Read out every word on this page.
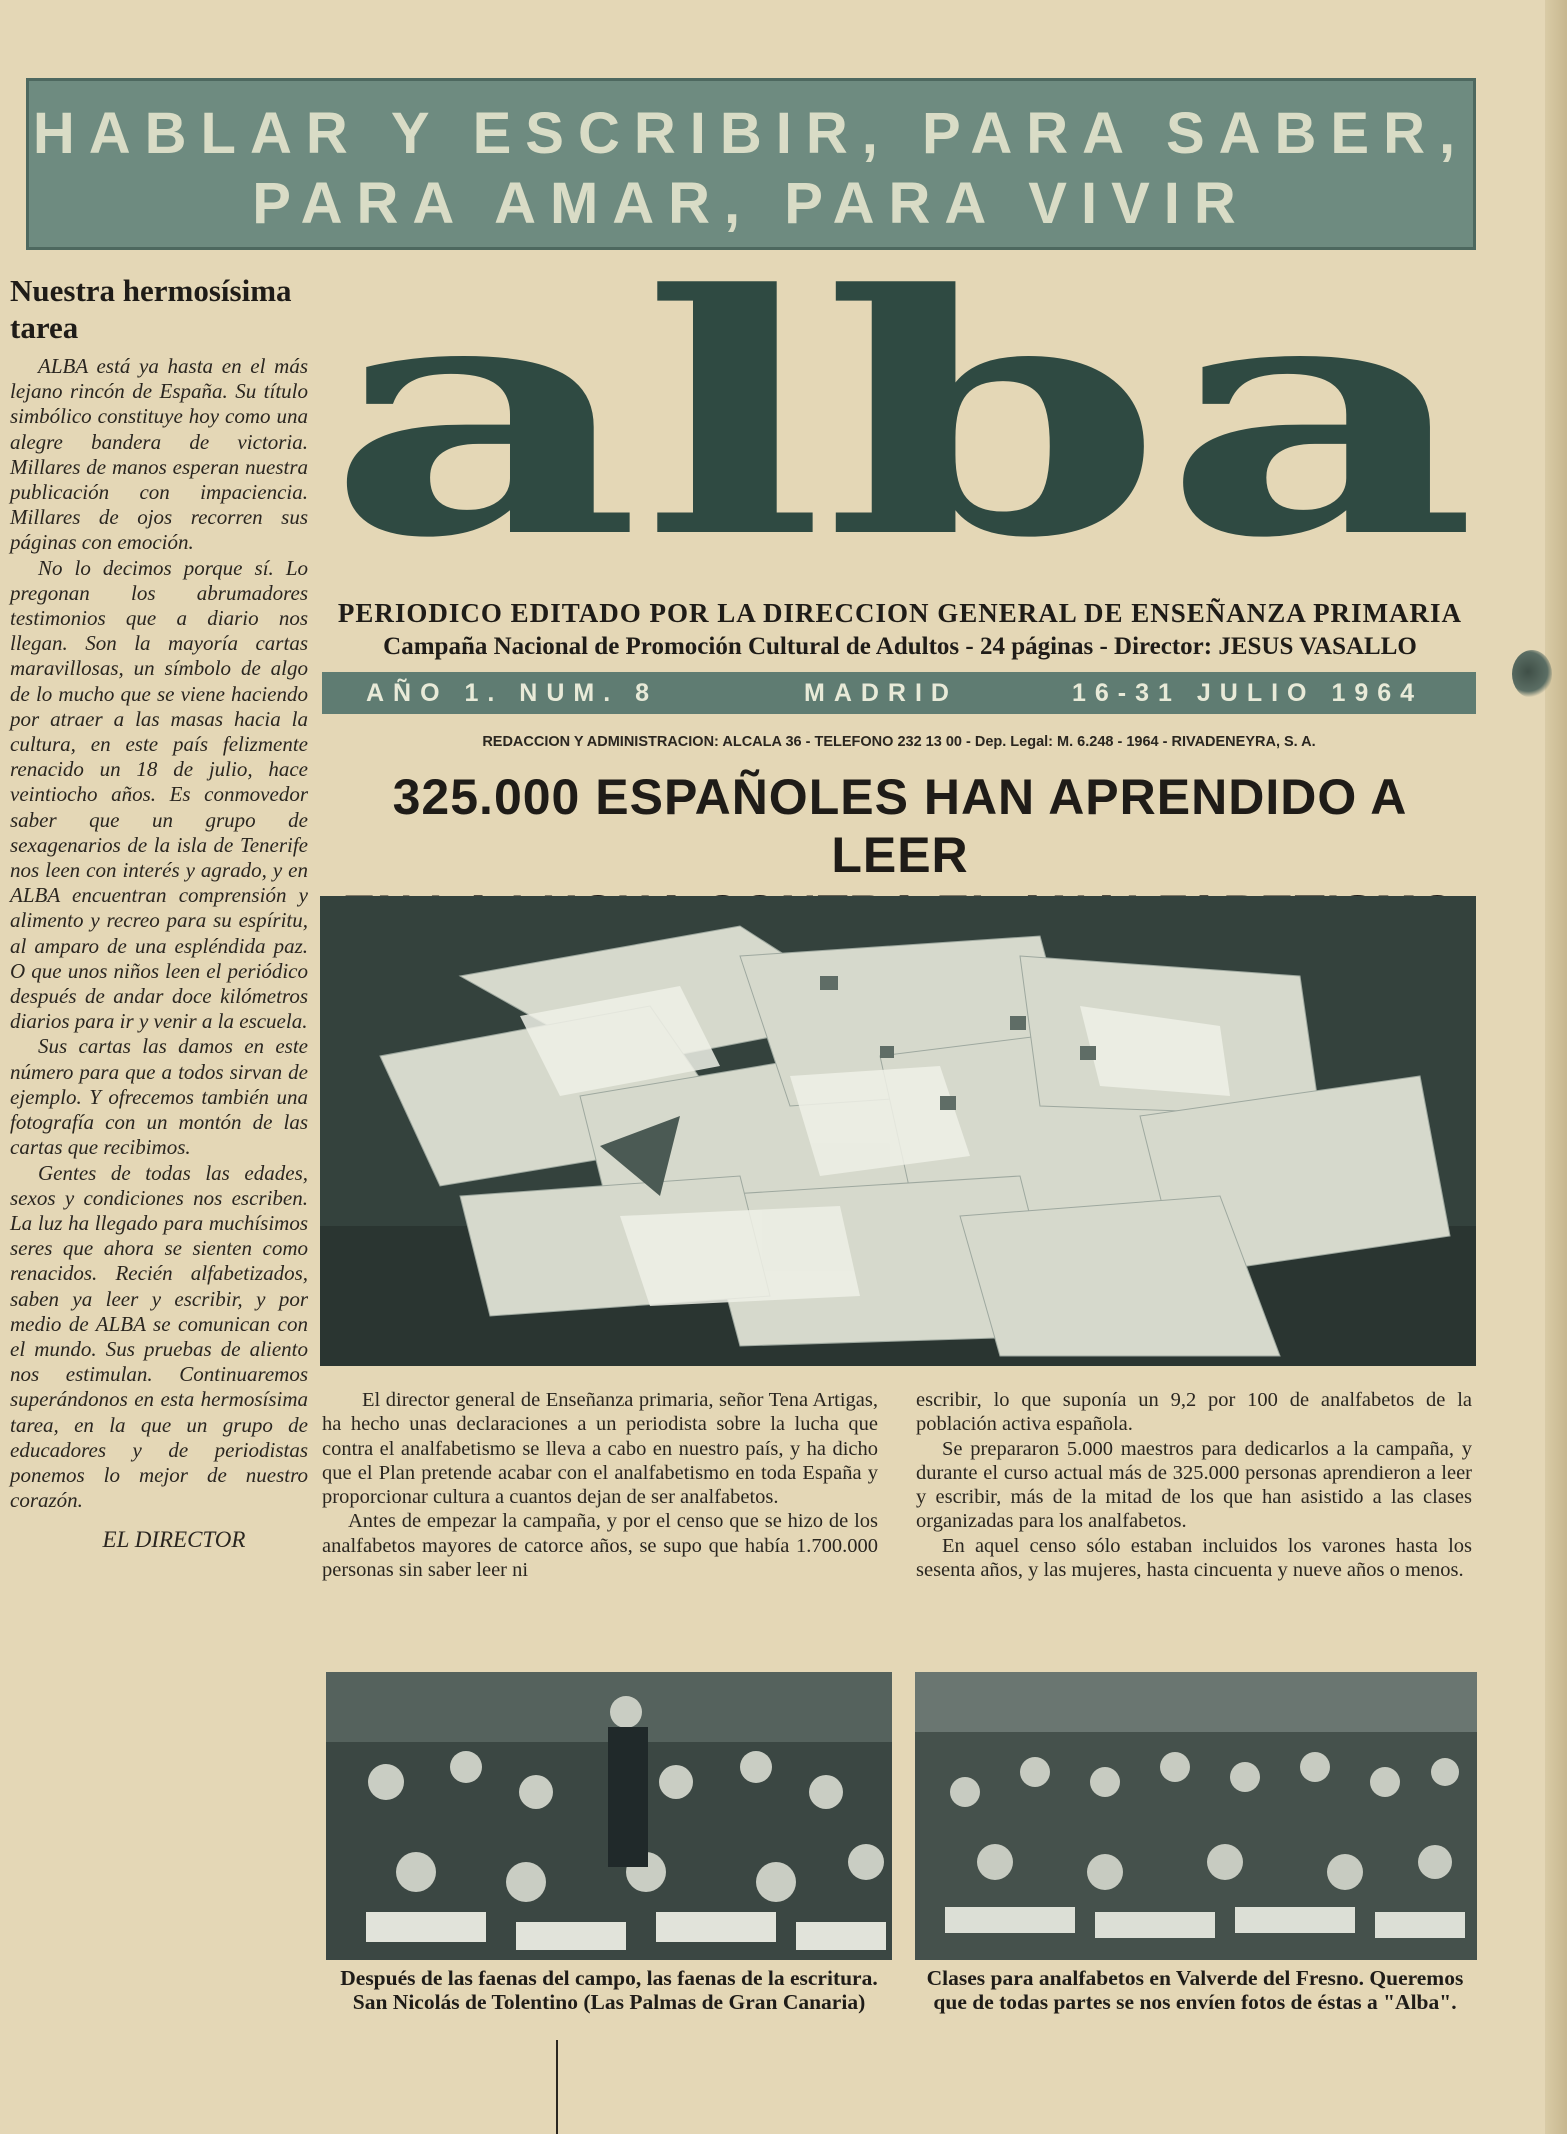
HABLAR Y ESCRIBIR, PARA SABER,
PARA AMAR, PARA VIVIR
Nuestra hermosísima tarea

ALBA está ya hasta en el más lejano rincón de España. Su título simbólico constituye hoy como una alegre bandera de victoria. Millares de manos esperan nuestra publicación con impaciencia. Millares de ojos recorren sus páginas con emoción.

No lo decimos porque sí. Lo pregonan los abrumadores testimonios que a diario nos llegan. Son la mayoría cartas maravillosas, un símbolo de algo de lo mucho que se viene haciendo por atraer a las masas hacia la cultura, en este país felizmente renacido un 18 de julio, hace veintiocho años. Es conmovedor saber que un grupo de sexagenarios de la isla de Tenerife nos leen con interés y agrado, y en ALBA encuentran comprensión y alimento y recreo para su espíritu, al amparo de una espléndida paz. O que unos niños leen el periódico después de andar doce kilómetros diarios para ir y venir a la escuela.

Sus cartas las damos en este número para que a todos sirvan de ejemplo. Y ofrecemos también una fotografía con un montón de las cartas que recibimos.

Gentes de todas las edades, sexos y condiciones nos escriben. La luz ha llegado para muchísimos seres que ahora se sienten como renacidos. Recién alfabetizados, saben ya leer y escribir, y por medio de ALBA se comunican con el mundo. Sus pruebas de aliento nos estimulan. Continuaremos superándonos en esta hermosísima tarea, en la que un grupo de educadores y de periodistas ponemos lo mejor de nuestro corazón.

EL DIRECTOR
alba
PERIODICO EDITADO POR LA DIRECCION GENERAL DE ENSEÑANZA PRIMARIA
Campaña Nacional de Promoción Cultural de Adultos - 24 páginas - Director: JESUS VASALLO
AÑO 1. NUM. 8	MADRID	16-31 JULIO 1964
REDACCION Y ADMINISTRACION: ALCALA 36 - TELEFONO 232 13 00 - Dep. Legal: M. 6.248 - 1964 - RIVADENEYRA, S. A.
325.000 ESPAÑOLES HAN APRENDIDO A LEER

El director general de Enseñanza primaria, señor Tena Artigas, ha hecho unas declaraciones a un periodista sobre la lucha que contra el analfabetismo se lleva a cabo en nuestro país, y ha dicho que el Plan pretende acabar con el analfabetismo en toda España y proporcionar cultura a cuantos dejan de ser analfabetos.

Antes de empezar la campaña, y por el censo que se hizo de los analfabetos mayores de catorce años, se supo que había 1.700.000 personas sin saber leer ni

escribir, lo que suponía un 9,2 por 100 de analfabetos de la población activa española.

Se prepararon 5.000 maestros para dedicarlos a la campaña, y durante el curso actual más de 325.000 personas aprendieron a leer y escribir, más de la mitad de los que han asistido a las clases organizadas para los analfabetos.

En aquel censo sólo estaban incluidos los varones hasta los sesenta años, y las mujeres, hasta cincuenta y nueve años o menos.

Después de las faenas del campo, las faenas de la escritura. San Nicolás de Tolentino (Las Palmas de Gran Canaria)
Clases para analfabetos en Valverde del Fresno. Queremos que de todas partes se nos envíen fotos de éstas a "Alba".
